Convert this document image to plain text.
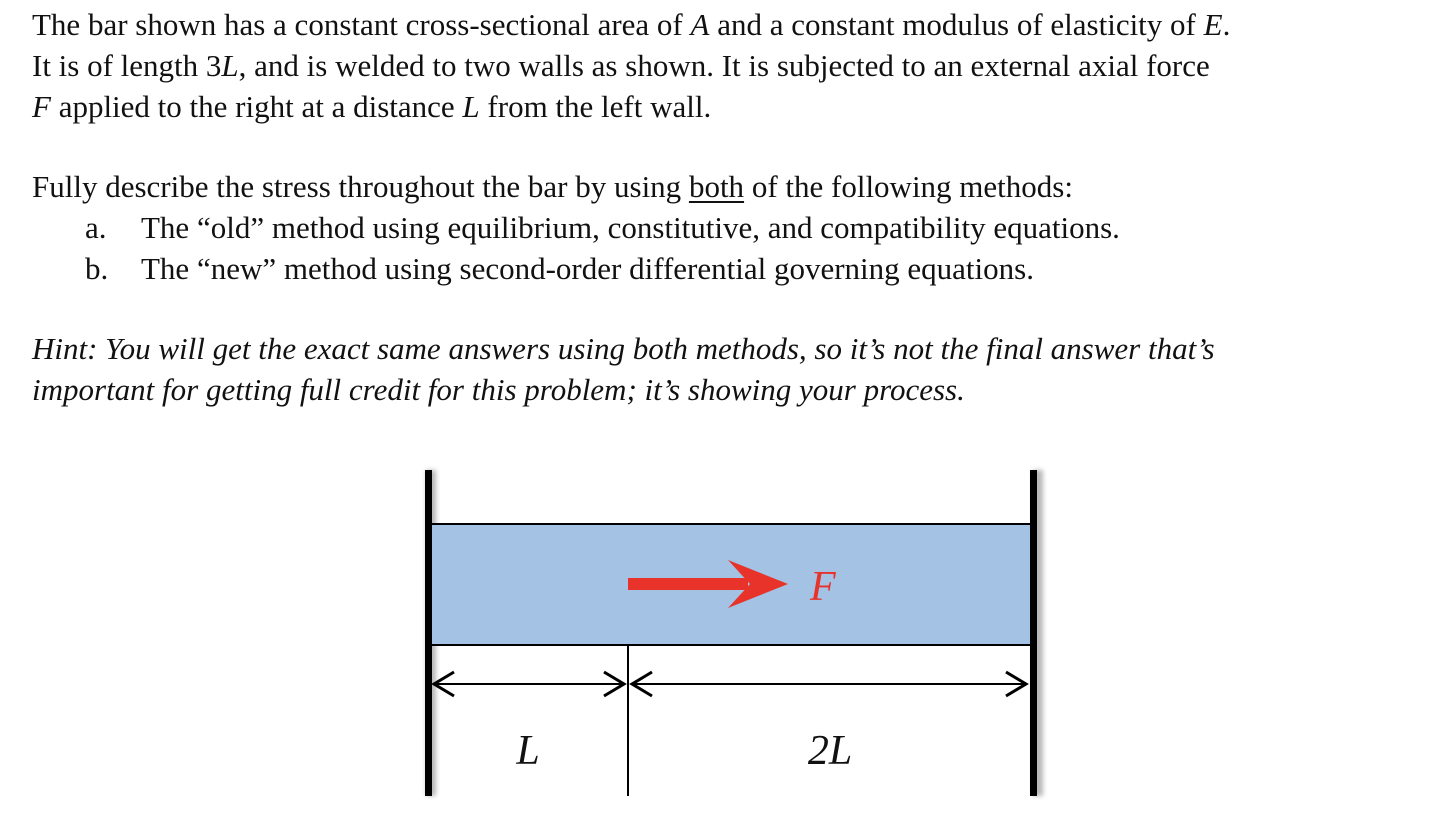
The bar shown has a constant cross-sectional area of A and a constant modulus of elasticity of E.

It is of length 3L, and is welded to two walls as shown. It is subjected to an external axial force

F applied to the right at a distance L from the left wall.

Fully describe the stress throughout the bar by using both of the following methods:

a.	The “old” method using equilibrium, constitutive, and compatibility equations.
b.	The “new” method using second-order differential governing equations.

Hint: You will get the exact same answers using both methods, so it’s not the final answer that’s

important for getting full credit for this problem; it’s showing your process.

F
L	2L
